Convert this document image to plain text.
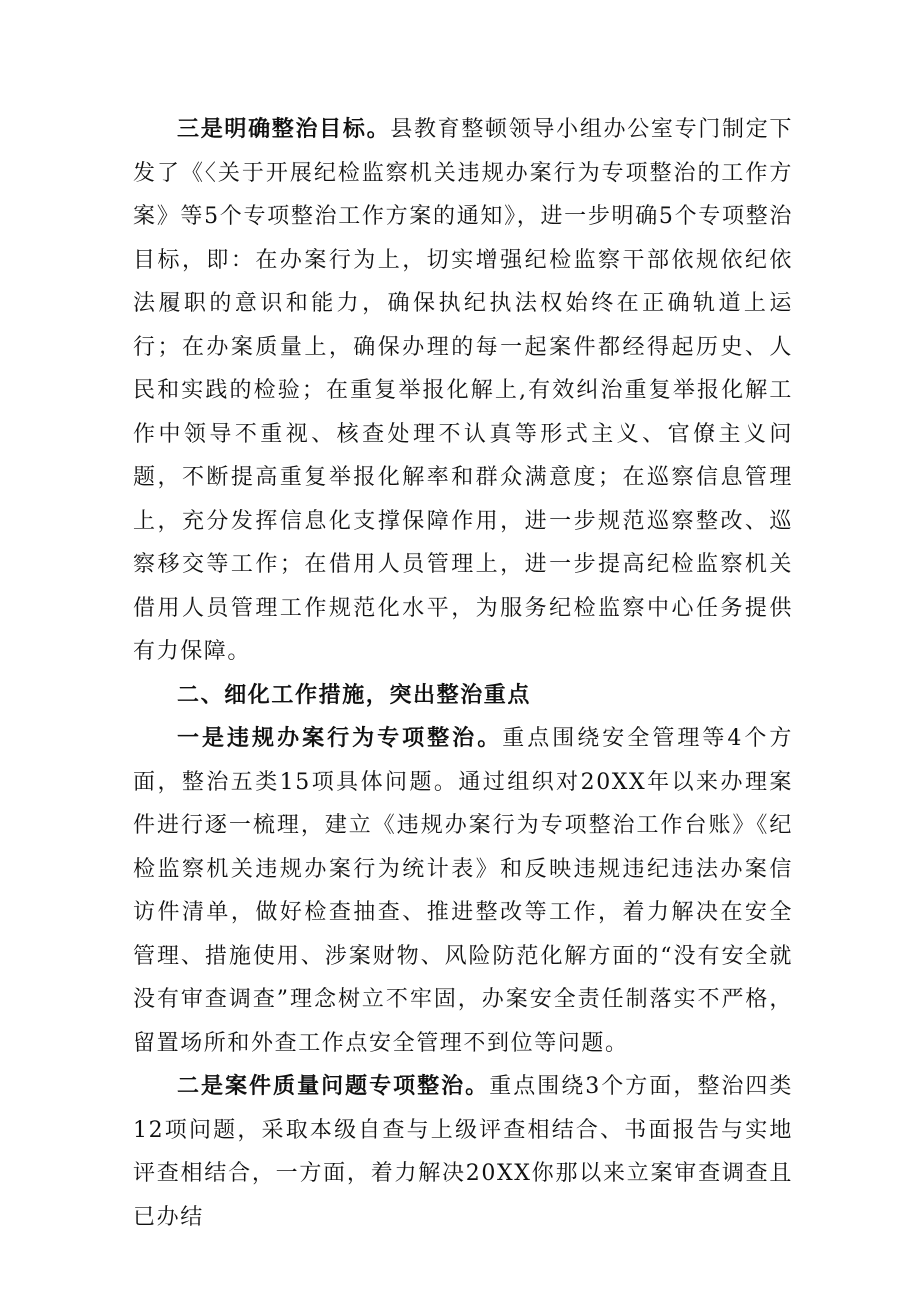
三是明确整治目标。县教育整顿领导小组办公室专门制定下发了《〈关于开展纪检监察机关违规办案行为专项整治的工作方案》等5个专项整治工作方案的通知》，进一步明确5个专项整治目标，即：在办案行为上，切实增强纪检监察干部依规依纪依法履职的意识和能力，确保执纪执法权始终在正确轨道上运行；在办案质量上，确保办理的每一起案件都经得起历史、人民和实践的检验；在重复举报化解上,有效纠治重复举报化解工作中领导不重视、核查处理不认真等形式主义、官僚主义问题，不断提高重复举报化解率和群众满意度；在巡察信息管理上，充分发挥信息化支撑保障作用，进一步规范巡察整改、巡察移交等工作；在借用人员管理上，进一步提高纪检监察机关借用人员管理工作规范化水平，为服务纪检监察中心任务提供有力保障。

二、细化工作措施，突出整治重点

一是违规办案行为专项整治。重点围绕安全管理等4个方面，整治五类15项具体问题。通过组织对20XX年以来办理案件进行逐一梳理，建立《违规办案行为专项整治工作台账》《纪检监察机关违规办案行为统计表》和反映违规违纪违法办案信访件清单，做好检查抽查、推进整改等工作，着力解决在安全管理、措施使用、涉案财物、风险防范化解方面的“没有安全就没有审查调查”理念树立不牢固，办案安全责任制落实不严格，留置场所和外查工作点安全管理不到位等问题。

二是案件质量问题专项整治。重点围绕3个方面，整治四类12项问题，采取本级自查与上级评查相结合、书面报告与实地评查相结合，一方面，着力解决20XX你那以来立案审查调查且已办结
